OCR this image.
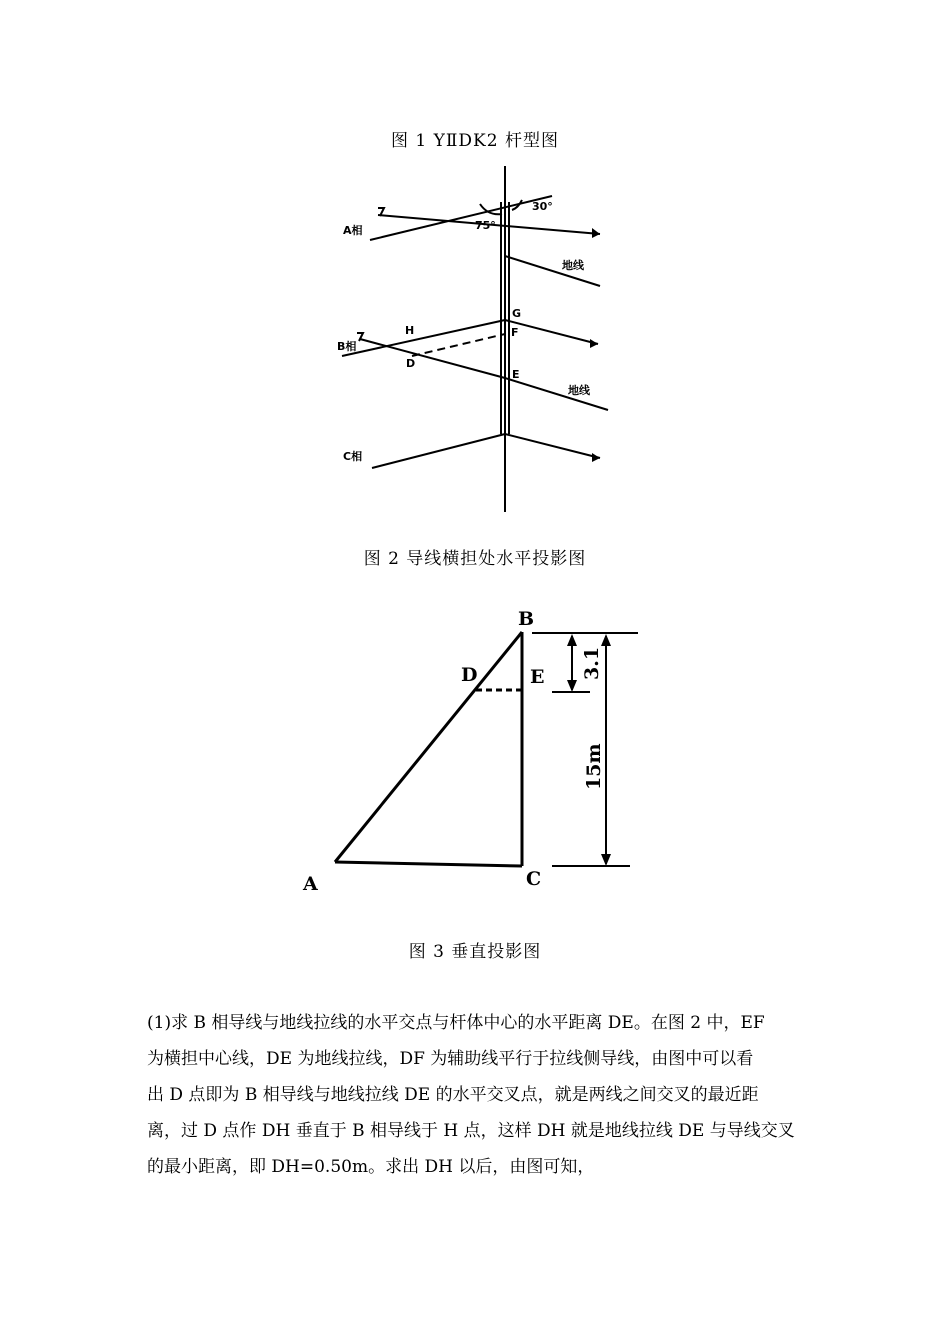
图 1 YⅡDK2 杆型图
A相
B相
C相
地线
地线
75°
30°
G
F
E
H
D
图 2 导线横担处水平投影图
B
D	E
A	C
3.1
15m
图 3 垂直投影图
(1)求 B 相导线与地线拉线的水平交点与杆体中心的水平距离 DE。在图 2 中，EF
为横担中心线，DE 为地线拉线，DF 为辅助线平行于拉线侧导线，由图中可以看
出 D 点即为 B 相导线与地线拉线 DE 的水平交叉点，就是两线之间交叉的最近距
离，过 D 点作 DH 垂直于 B 相导线于 H 点，这样 DH 就是地线拉线 DE 与导线交叉
的最小距离，即 DH=0.50m。求出 DH 以后，由图可知，
